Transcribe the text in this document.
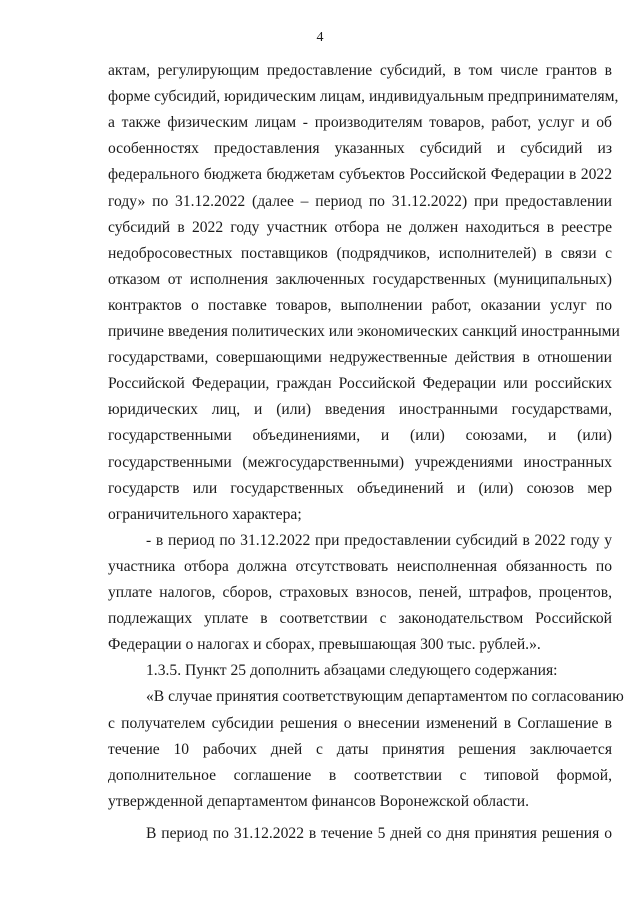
4
актам, регулирующим предоставление субсидий, в том числе грантов в
форме субсидий, юридическим лицам, индивидуальным предпринимателям,
а также физическим лицам - производителям товаров, работ, услуг и об
особенностях предоставления указанных субсидий и субсидий из
федерального бюджета бюджетам субъектов Российской Федерации в 2022
году» по 31.12.2022 (далее – период по 31.12.2022) при предоставлении
субсидий в 2022 году участник отбора не должен находиться в реестре
недобросовестных поставщиков (подрядчиков, исполнителей) в связи с
отказом от исполнения заключенных государственных (муниципальных)
контрактов о поставке товаров, выполнении работ, оказании услуг по
причине введения политических или экономических санкций иностранными
государствами, совершающими недружественные действия в отношении
Российской Федерации, граждан Российской Федерации или российских
юридических лиц, и (или) введения иностранными государствами,
государственными объединениями, и (или) союзами, и (или)
государственными (межгосударственными) учреждениями иностранных
государств или государственных объединений и (или) союзов мер
ограничительного характера;
- в период по 31.12.2022 при предоставлении субсидий в 2022 году у
участника отбора должна отсутствовать неисполненная обязанность по
уплате налогов, сборов, страховых взносов, пеней, штрафов, процентов,
подлежащих уплате в соответствии с законодательством Российской
Федерации о налогах и сборах, превышающая 300 тыс. рублей.».
1.3.5. Пункт 25 дополнить абзацами следующего содержания:
«В случае принятия соответствующим департаментом по согласованию
с получателем субсидии решения о внесении изменений в Соглашение в
течение 10 рабочих дней с даты принятия решения заключается
дополнительное соглашение в соответствии с типовой формой,
утвержденной департаментом финансов Воронежской области.
В период по 31.12.2022 в течение 5 дней со дня принятия решения о
